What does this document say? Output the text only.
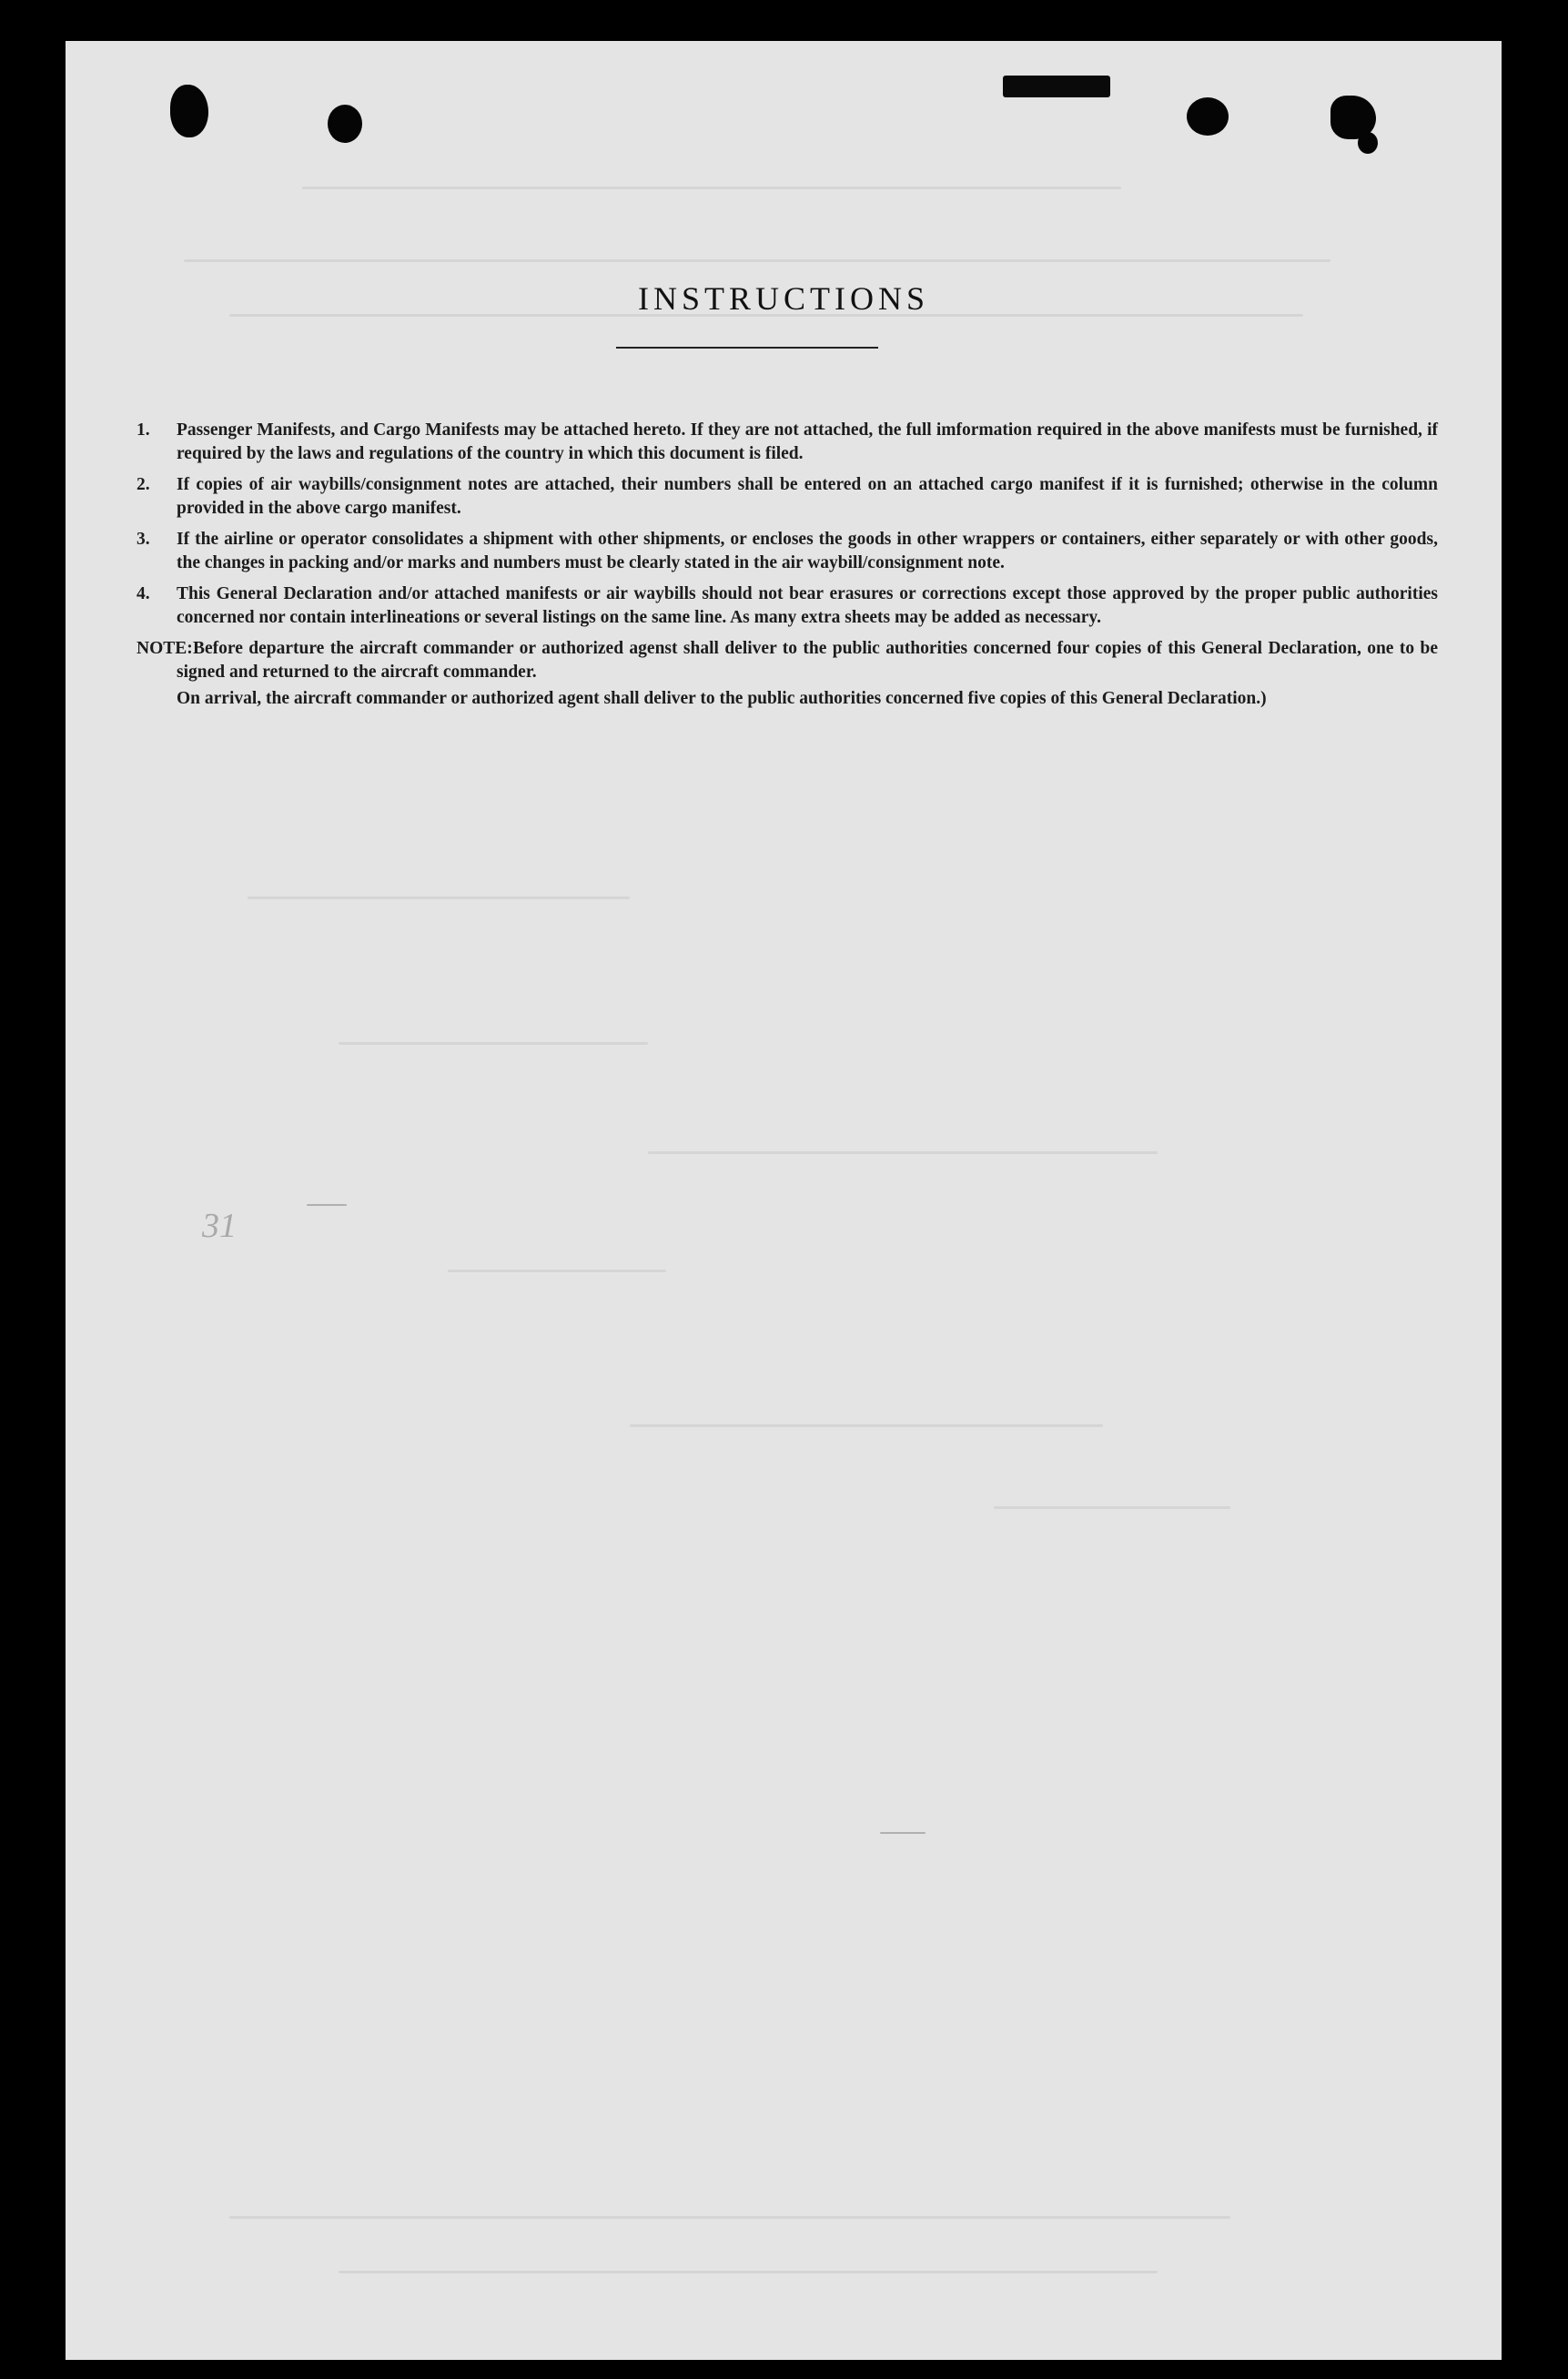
INSTRUCTIONS
1. Passenger Manifests, and Cargo Manifests may be attached hereto. If they are not attached, the full imformation required in the above manifests must be furnished, if required by the laws and regulations of the country in which this document is filed.
2. If copies of air waybills/consignment notes are attached, their numbers shall be entered on an attached cargo manifest if it is furnished; otherwise in the column provided in the above cargo manifest.
3. If the airline or operator consolidates a shipment with other shipments, or encloses the goods in other wrappers or containers, either separately or with other goods, the changes in packing and/or marks and numbers must be clearly stated in the air waybill/consignment note.
4. This General Declaration and/or attached manifests or air waybills should not bear erasures or corrections except those approved by the proper public authorities concerned nor contain interlineations or several listings on the same line. As many extra sheets may be added as necessary.
NOTE: Before departure the aircraft commander or authorized agenst shall deliver to the public authorities concerned four copies of this General Declaration, one to be signed and returned to the aircraft commander.
On arrival, the aircraft commander or authorized agent shall deliver to the public authorities concerned five copies of this General Declaration.)
31
